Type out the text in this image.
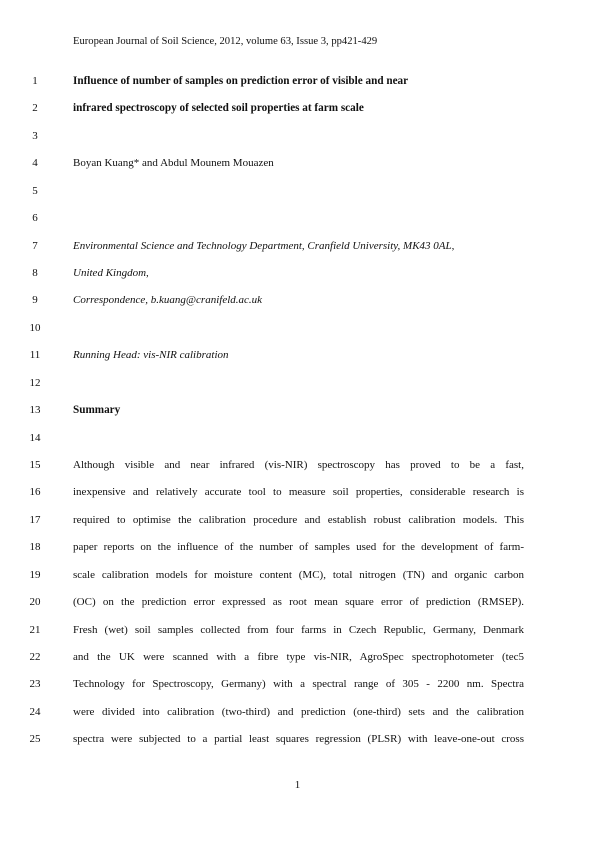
European Journal of Soil Science, 2012, volume 63, Issue 3, pp421-429
1	Influence of number of samples on prediction error of visible and near
2	infrared spectroscopy of selected soil properties at farm scale
3
4	Boyan Kuang* and Abdul Mounem Mouazen
5
6
7	Environmental Science and Technology Department, Cranfield University, MK43 0AL,
8	United Kingdom,
9	Correspondence, b.kuang@cranifeld.ac.uk
10
11	Running Head: vis-NIR calibration
12
13	Summary
14
15	Although visible and near infrared (vis-NIR) spectroscopy has proved to be a fast,
16	inexpensive and relatively accurate tool to measure soil properties, considerable research is
17	required to optimise the calibration procedure and establish robust calibration models. This
18	paper reports on the influence of the number of samples used for the development of farm-
19	scale calibration models for moisture content (MC), total nitrogen (TN) and organic carbon
20	(OC) on the prediction error expressed as root mean square error of prediction (RMSEP).
21	Fresh (wet) soil samples collected from four farms in Czech Republic, Germany, Denmark
22	and the UK were scanned with a fibre type vis-NIR, AgroSpec spectrophotometer (tec5
23	Technology for Spectroscopy, Germany) with a spectral range of 305 - 2200 nm. Spectra
24	were divided into calibration (two-third) and prediction (one-third) sets and the calibration
25	spectra were subjected to a partial least squares regression (PLSR) with leave-one-out cross
1
